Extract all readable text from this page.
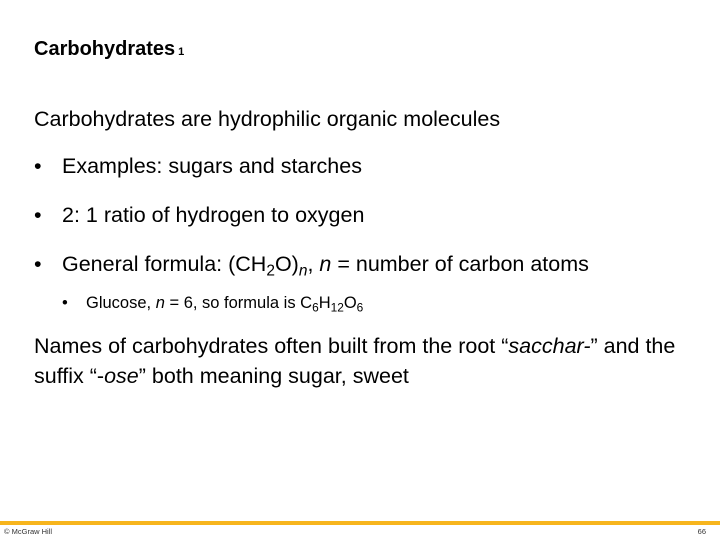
Carbohydrates 1

Carbohydrates are hydrophilic organic molecules

• Examples: sugars and starches

• 2: 1 ratio of hydrogen to oxygen

• General formula: $(CH_2O)_n$, n = number of carbon atoms

• Glucose, n = 6, so formula is $C_6H_{12}O_6$

Names of carbohydrates often built from the root “sacchar-” and the suffix “-ose” both meaning sugar, sweet

© McGraw Hill	66
